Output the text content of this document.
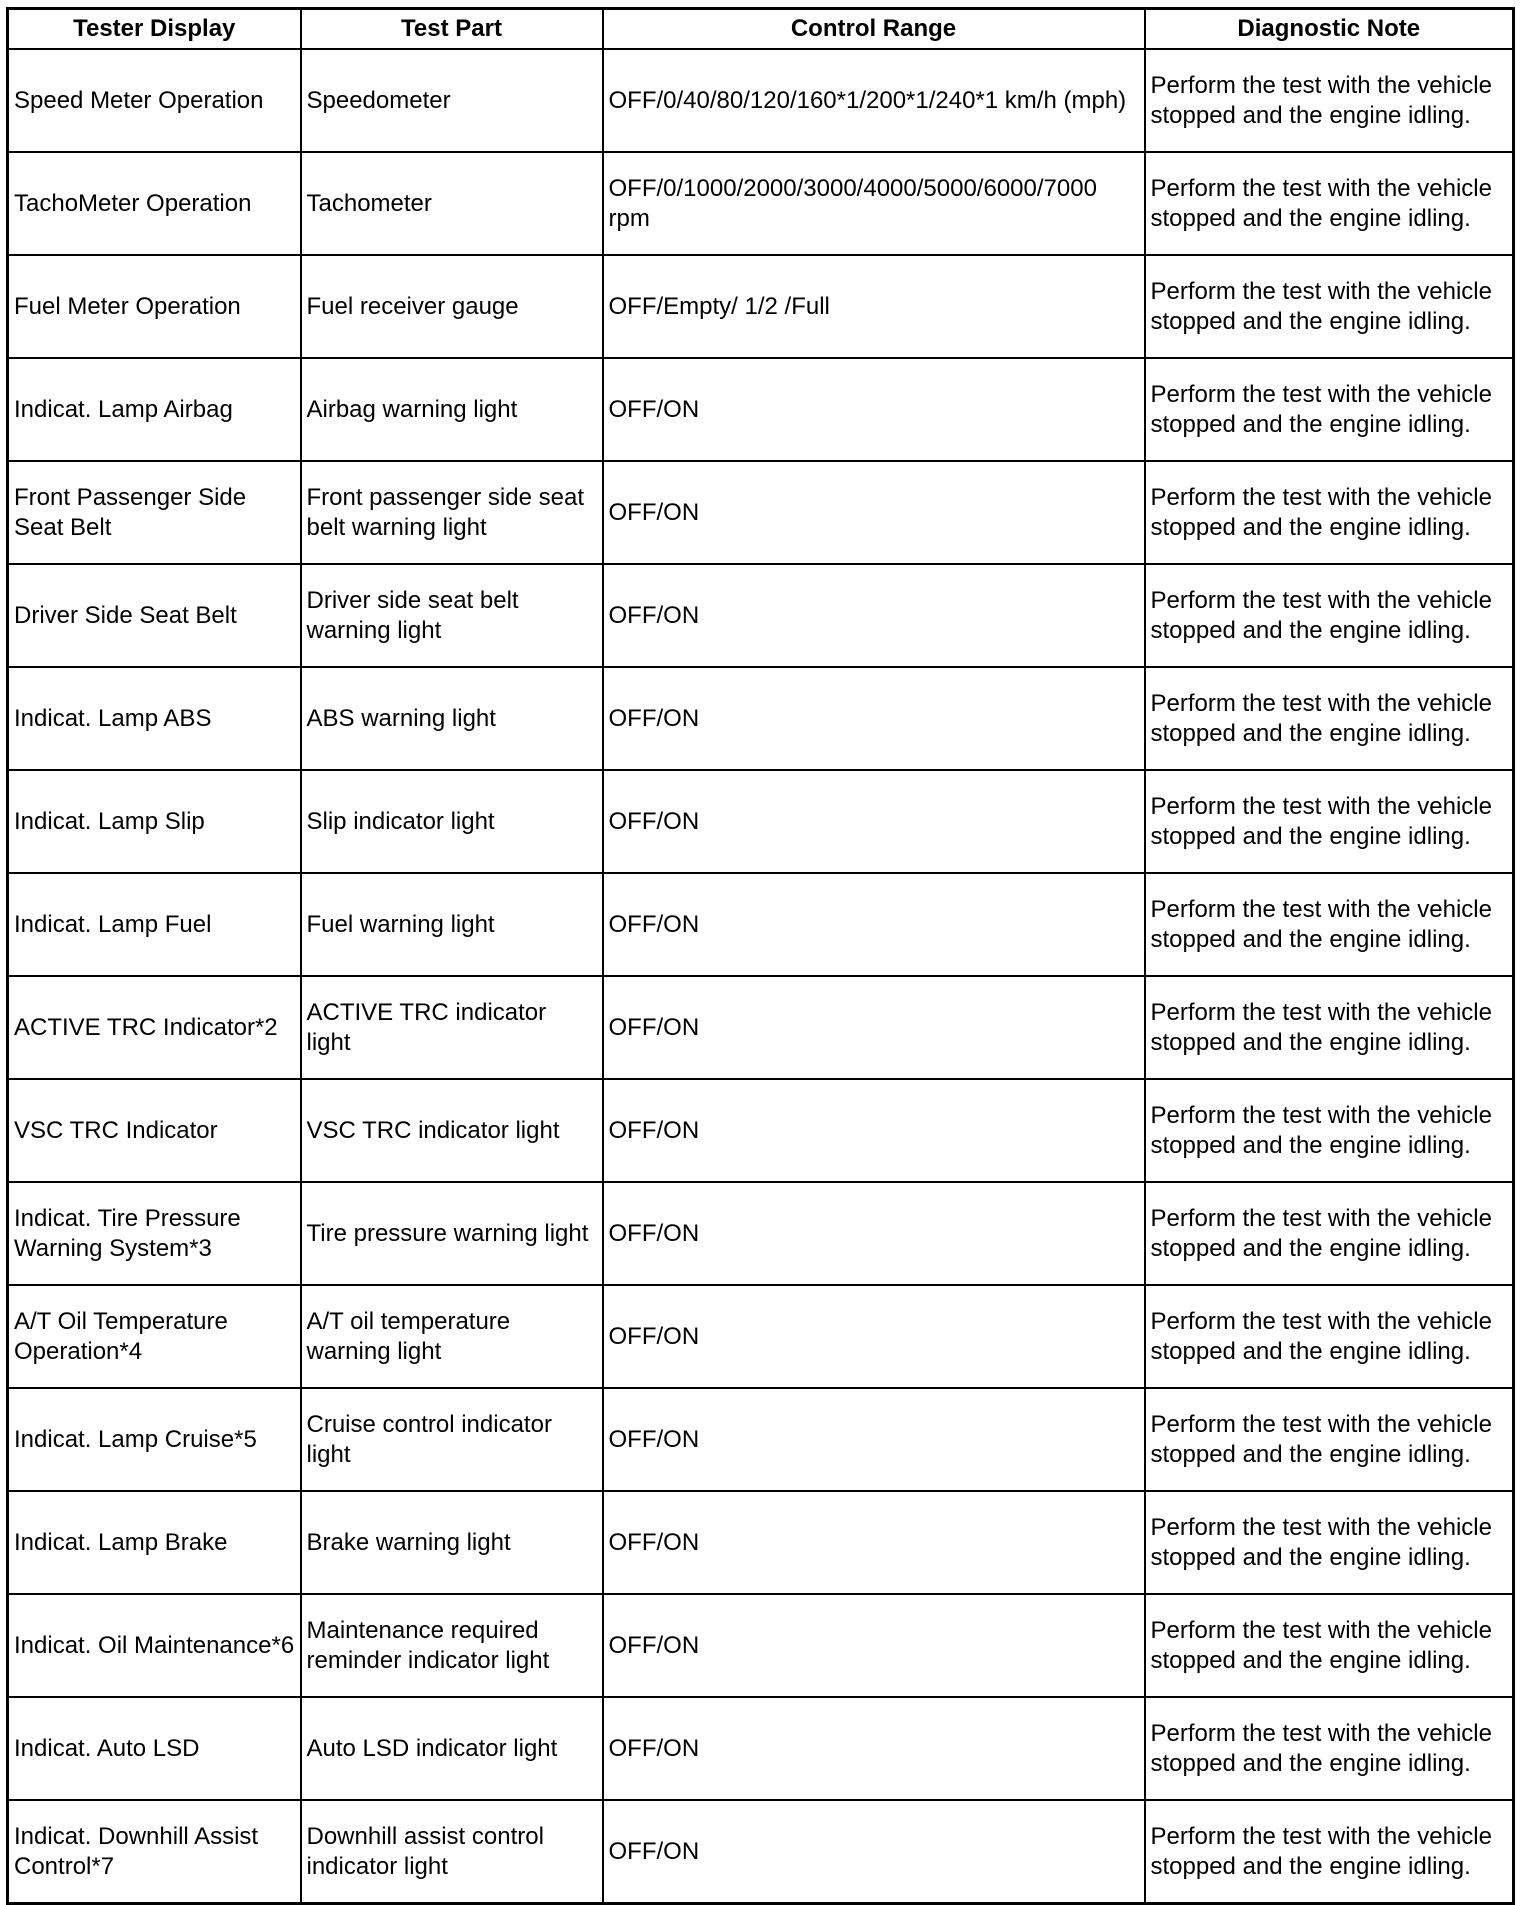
Tester Display	Test Part	Control Range	Diagnostic Note
Speed Meter Operation	Speedometer	OFF/0/40/80/120/160*1/200*1/240*1 km/h (mph)	Perform the test with the vehicle stopped and the engine idling.
TachoMeter Operation	Tachometer	OFF/0/1000/2000/3000/4000/5000/6000/7000 rpm	Perform the test with the vehicle stopped and the engine idling.
Fuel Meter Operation	Fuel receiver gauge	OFF/Empty/ 1/2 /Full	Perform the test with the vehicle stopped and the engine idling.
Indicat. Lamp Airbag	Airbag warning light	OFF/ON	Perform the test with the vehicle stopped and the engine idling.
Front Passenger Side Seat Belt	Front passenger side seat belt warning light	OFF/ON	Perform the test with the vehicle stopped and the engine idling.
Driver Side Seat Belt	Driver side seat belt warning light	OFF/ON	Perform the test with the vehicle stopped and the engine idling.
Indicat. Lamp ABS	ABS warning light	OFF/ON	Perform the test with the vehicle stopped and the engine idling.
Indicat. Lamp Slip	Slip indicator light	OFF/ON	Perform the test with the vehicle stopped and the engine idling.
Indicat. Lamp Fuel	Fuel warning light	OFF/ON	Perform the test with the vehicle stopped and the engine idling.
ACTIVE TRC Indicator*2	ACTIVE TRC indicator light	OFF/ON	Perform the test with the vehicle stopped and the engine idling.
VSC TRC Indicator	VSC TRC indicator light	OFF/ON	Perform the test with the vehicle stopped and the engine idling.
Indicat. Tire Pressure Warning System*3	Tire pressure warning light	OFF/ON	Perform the test with the vehicle stopped and the engine idling.
A/T Oil Temperature Operation*4	A/T oil temperature warning light	OFF/ON	Perform the test with the vehicle stopped and the engine idling.
Indicat. Lamp Cruise*5	Cruise control indicator light	OFF/ON	Perform the test with the vehicle stopped and the engine idling.
Indicat. Lamp Brake	Brake warning light	OFF/ON	Perform the test with the vehicle stopped and the engine idling.
Indicat. Oil Maintenance*6	Maintenance required reminder indicator light	OFF/ON	Perform the test with the vehicle stopped and the engine idling.
Indicat. Auto LSD	Auto LSD indicator light	OFF/ON	Perform the test with the vehicle stopped and the engine idling.
Indicat. Downhill Assist Control*7	Downhill assist control indicator light	OFF/ON	Perform the test with the vehicle stopped and the engine idling.
